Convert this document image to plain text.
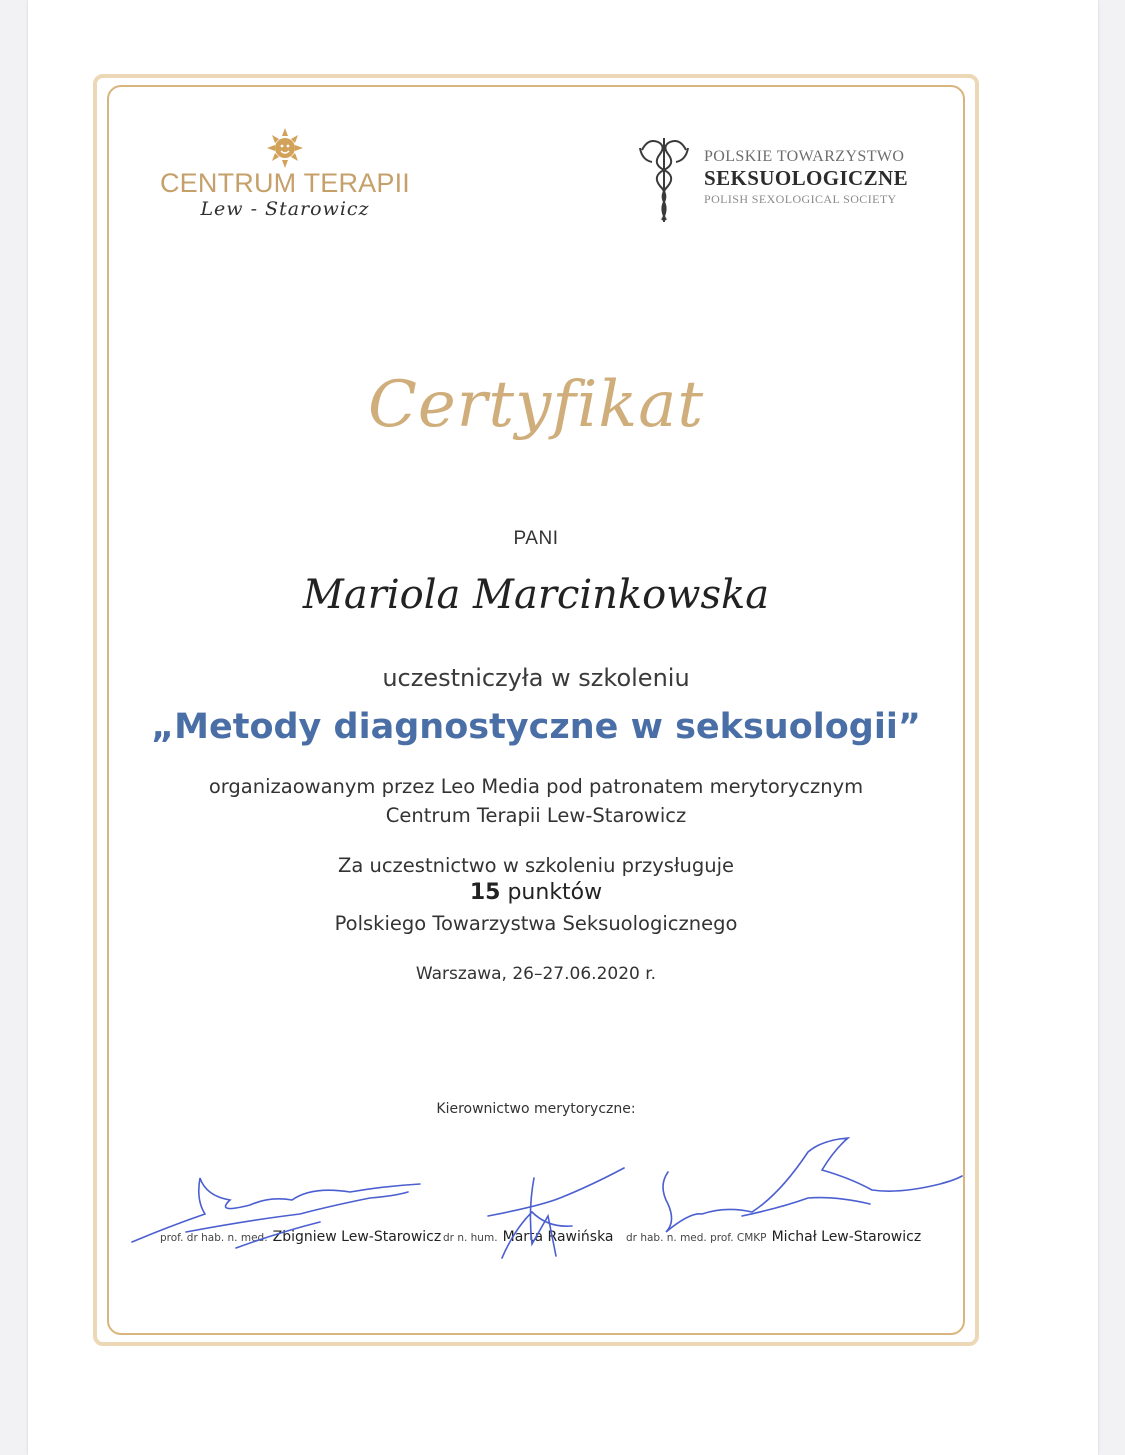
CENTRUM TERAPII
Lew - Starowicz
POLSKIE TOWARZYSTWO
SEKSUOLOGICZNE
POLISH SEXOLOGICAL SOCIETY
Certyfikat
PANI
Mariola Marcinkowska
uczestniczyła w szkoleniu
„Metody diagnostyczne w seksuologii”
organizaowanym przez Leo Media pod patronatem merytorycznym
Centrum Terapii Lew-Starowicz
Za uczestnictwo w szkoleniu przysługuje
15 punktów
Polskiego Towarzystwa Seksuologicznego
Warszawa, 26–27.06.2020 r.
Kierownictwo merytoryczne:
prof. dr hab. n. med. Zbigniew Lew-Starowicz dr n. hum. Marta Rawińska dr hab. n. med. prof. CMKP Michał Lew-Starowicz
